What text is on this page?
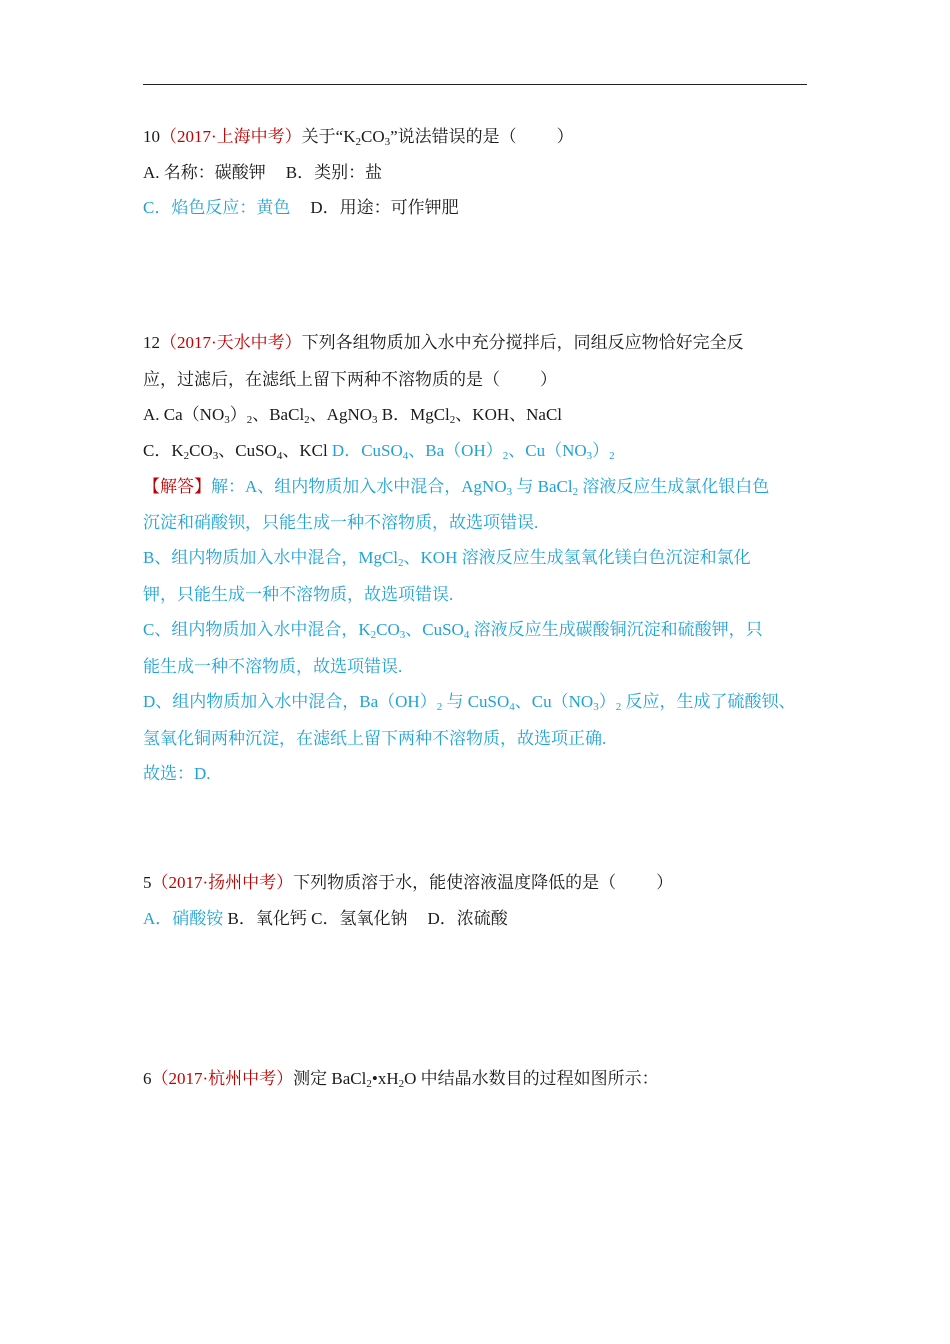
10（2017·上海中考）关于“$K_2CO_3$”说法错误的是（ ）
A. 名称：碳酸钾 B．类别：盐
C．焰色反应：黄色 D．用途：可作钾肥
12（2017·天水中考）下列各组物质加入水中充分搅拌后，同组反应物恰好完全反
应，过滤后，在滤纸上留下两种不溶物质的是（ ）
A. $Ca(NO_3)_2$、BaCl$_2$、AgNO$_3$ B．MgCl$_2$、KOH、NaCl
C．$K_2CO_3$、CuSO$_4$、KCl D．CuSO$_4$、$Ba(OH)_2$、$Cu(NO_3)_2$
【解答】解：A、组内物质加入水中混合，AgNO$_3$ 与 BaCl$_2$ 溶液反应生成氯化银白色
沉淀和硝酸钡，只能生成一种不溶物质，故选项错误.
B、组内物质加入水中混合，MgCl$_2$、KOH 溶液反应生成氢氧化镁白色沉淀和氯化
钾，只能生成一种不溶物质，故选项错误.
C、组内物质加入水中混合，$K_2CO_3$、CuSO$_4$ 溶液反应生成碳酸铜沉淀和硫酸钾，只
能生成一种不溶物质，故选项错误.
D、组内物质加入水中混合，$Ba(OH)_2$ 与 CuSO$_4$、$Cu(NO_3)_2$ 反应，生成了硫酸钡、
氢氧化铜两种沉淀，在滤纸上留下两种不溶物质，故选项正确.
故选：D.
5（2017·扬州中考）下列物质溶于水，能使溶液温度降低的是（ ）
A．硝酸铵 B．氧化钙 C．氢氧化钠 D．浓硫酸
6（2017·杭州中考）测定 $BaCl_2•xH_2O$ 中结晶水数目的过程如图所示：
